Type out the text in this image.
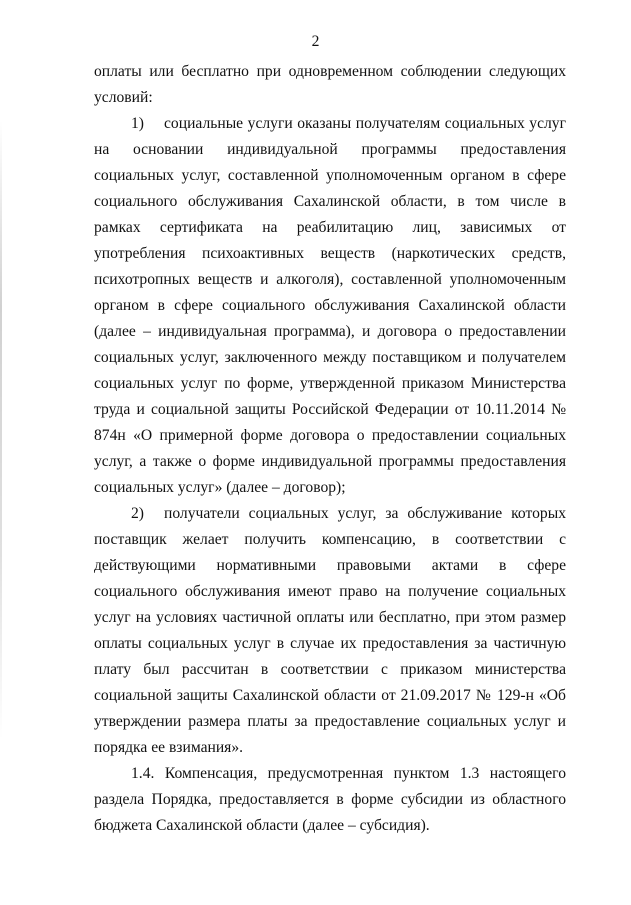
2

оплаты или бесплатно при одновременном соблюдении следующих условий:

1) социальные услуги оказаны получателям социальных услуг на основании индивидуальной программы предоставления социальных услуг, составленной уполномоченным органом в сфере социального обслуживания Сахалинской области, в том числе в рамках сертификата на реабилитацию лиц, зависимых от употребления психоактивных веществ (наркотических средств, психотропных веществ и алкоголя), составленной уполномоченным органом в сфере социального обслуживания Сахалинской области (далее – индивидуальная программа), и договора о предоставлении социальных услуг, заключенного между поставщиком и получателем социальных услуг по форме, утвержденной приказом Министерства труда и социальной защиты Российской Федерации от 10.11.2014 № 874н «О примерной форме договора о предоставлении социальных услуг, а также о форме индивидуальной программы предоставления социальных услуг» (далее – договор);

2) получатели социальных услуг, за обслуживание которых поставщик желает получить компенсацию, в соответствии с действующими нормативными правовыми актами в сфере социального обслуживания имеют право на получение социальных услуг на условиях частичной оплаты или бесплатно, при этом размер оплаты социальных услуг в случае их предоставления за частичную плату был рассчитан в соответствии с приказом министерства социальной защиты Сахалинской области от 21.09.2017 № 129-н «Об утверждении размера платы за предоставление социальных услуг и порядка ее взимания».

1.4. Компенсация, предусмотренная пунктом 1.3 настоящего раздела Порядка, предоставляется в форме субсидии из областного бюджета Сахалинской области (далее – субсидия).
